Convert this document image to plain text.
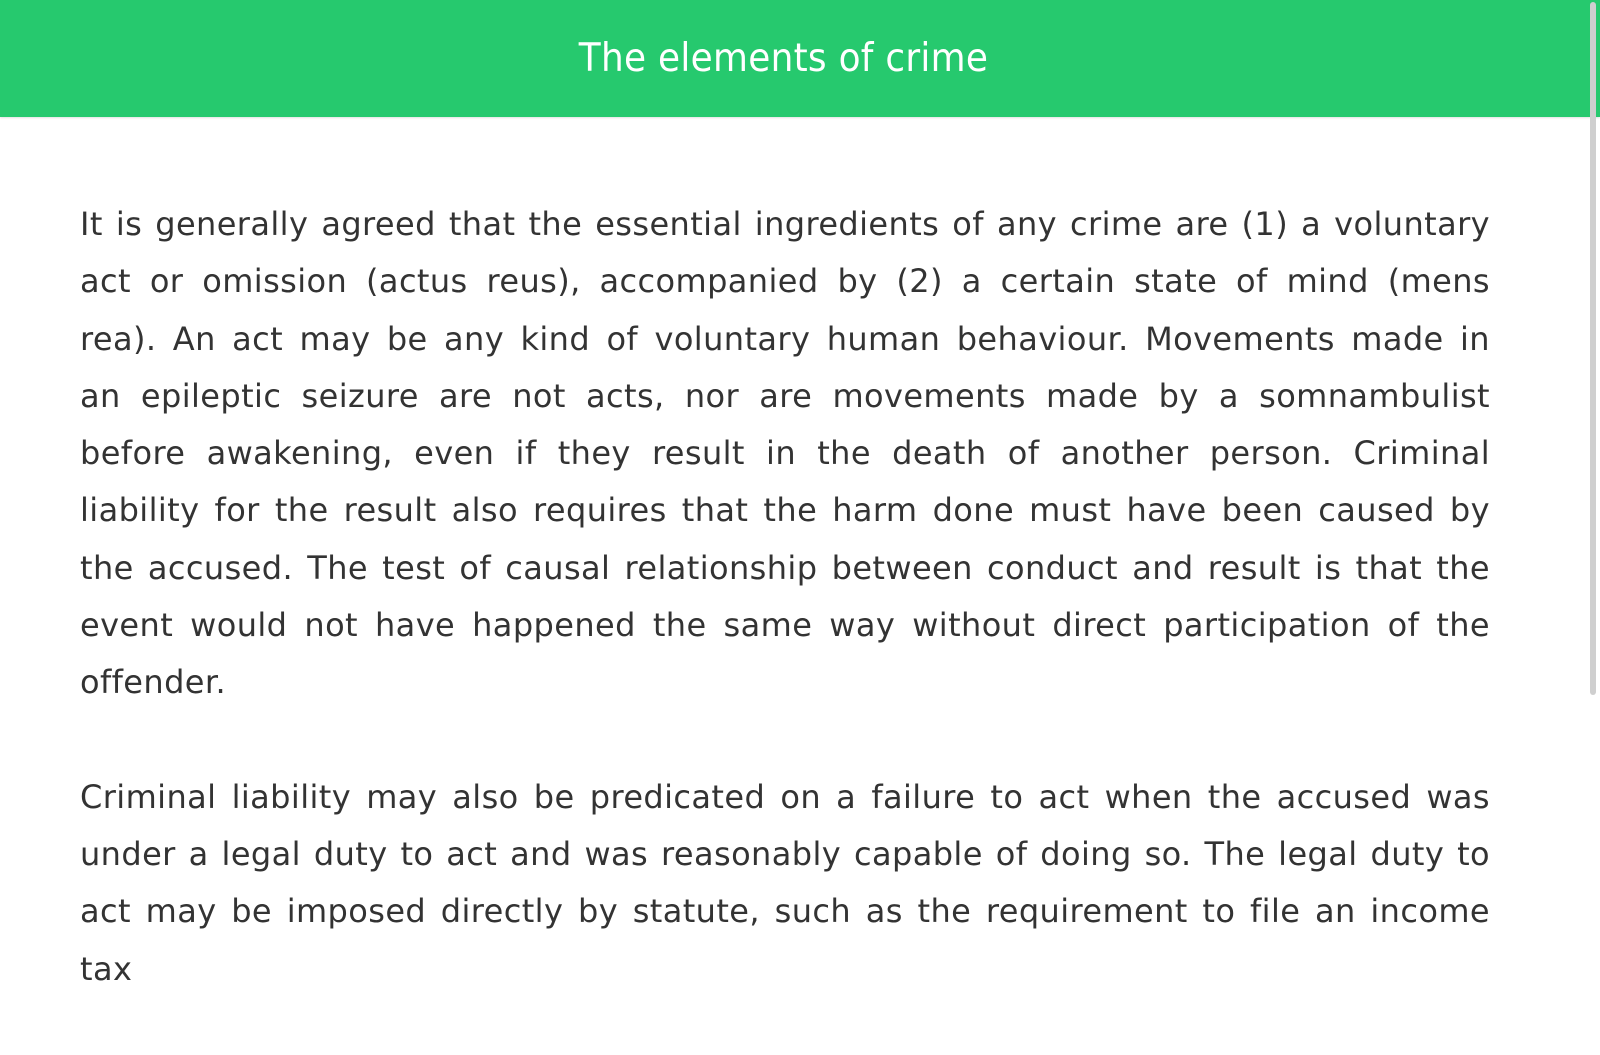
The elements of crime

It is generally agreed that the essential ingredients of any crime are (1) a voluntary act or omission (actus reus), accompanied by (2) a certain state of mind (mens rea). An act may be any kind of voluntary human behaviour. Movements made in an epileptic seizure are not acts, nor are movements made by a somnambulist before awakening, even if they result in the death of another person. Criminal liability for the result also requires that the harm done must have been caused by the accused. The test of causal relationship between conduct and result is that the event would not have happened the same way without direct participation of the offender.

Criminal liability may also be predicated on a failure to act when the accused was under a legal duty to act and was reasonably capable of doing so. The legal duty to act may be imposed directly by statute, such as the requirement to file an income tax
